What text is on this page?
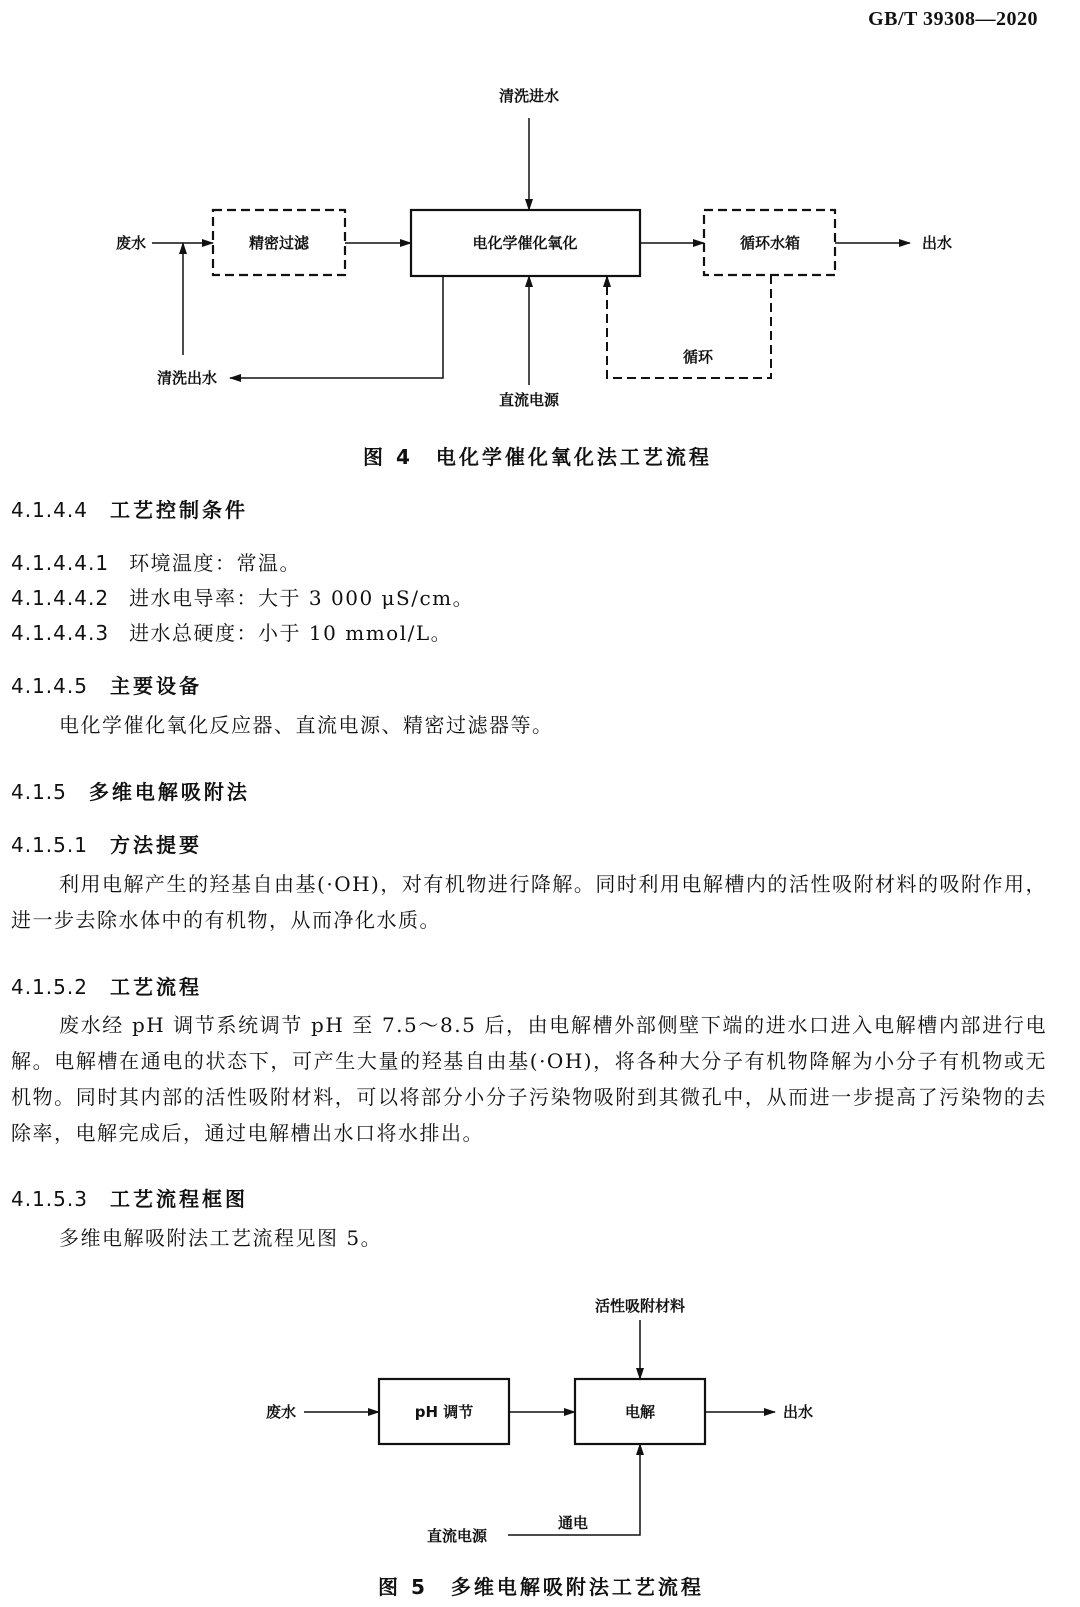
GB/T 39308—2020
废水	精密过滤	电化学催化氧化	循环水箱	出水
清洗进水
清洗出水
直流电源
循环
图 4　电化学催化氧化法工艺流程
4.1.4.4 工艺控制条件
4.1.4.4.1 环境温度：常温。
4.1.4.4.2 进水电导率：大于 3 000 μS/cm。
4.1.4.4.3 进水总硬度：小于 10 mmol/L。
4.1.4.5 主要设备
电化学催化氧化反应器、直流电源、精密过滤器等。
4.1.5 多维电解吸附法
4.1.5.1 方法提要
利用电解产生的羟基自由基(·OH)，对有机物进行降解。同时利用电解槽内的活性吸附材料的吸附作用，进一步去除水体中的有机物，从而净化水质。
4.1.5.2 工艺流程
废水经 pH 调节系统调节 pH 至 7.5～8.5 后，由电解槽外部侧壁下端的进水口进入电解槽内部进行电解。电解槽在通电的状态下，可产生大量的羟基自由基(·OH)，将各种大分子有机物降解为小分子有机物或无机物。同时其内部的活性吸附材料，可以将部分小分子污染物吸附到其微孔中，从而进一步提高了污染物的去除率，电解完成后，通过电解槽出水口将水排出。
4.1.5.3 工艺流程框图
多维电解吸附法工艺流程见图 5。
废水	pH 调节	电解	出水
活性吸附材料
直流电源
通电
图 5　多维电解吸附法工艺流程
